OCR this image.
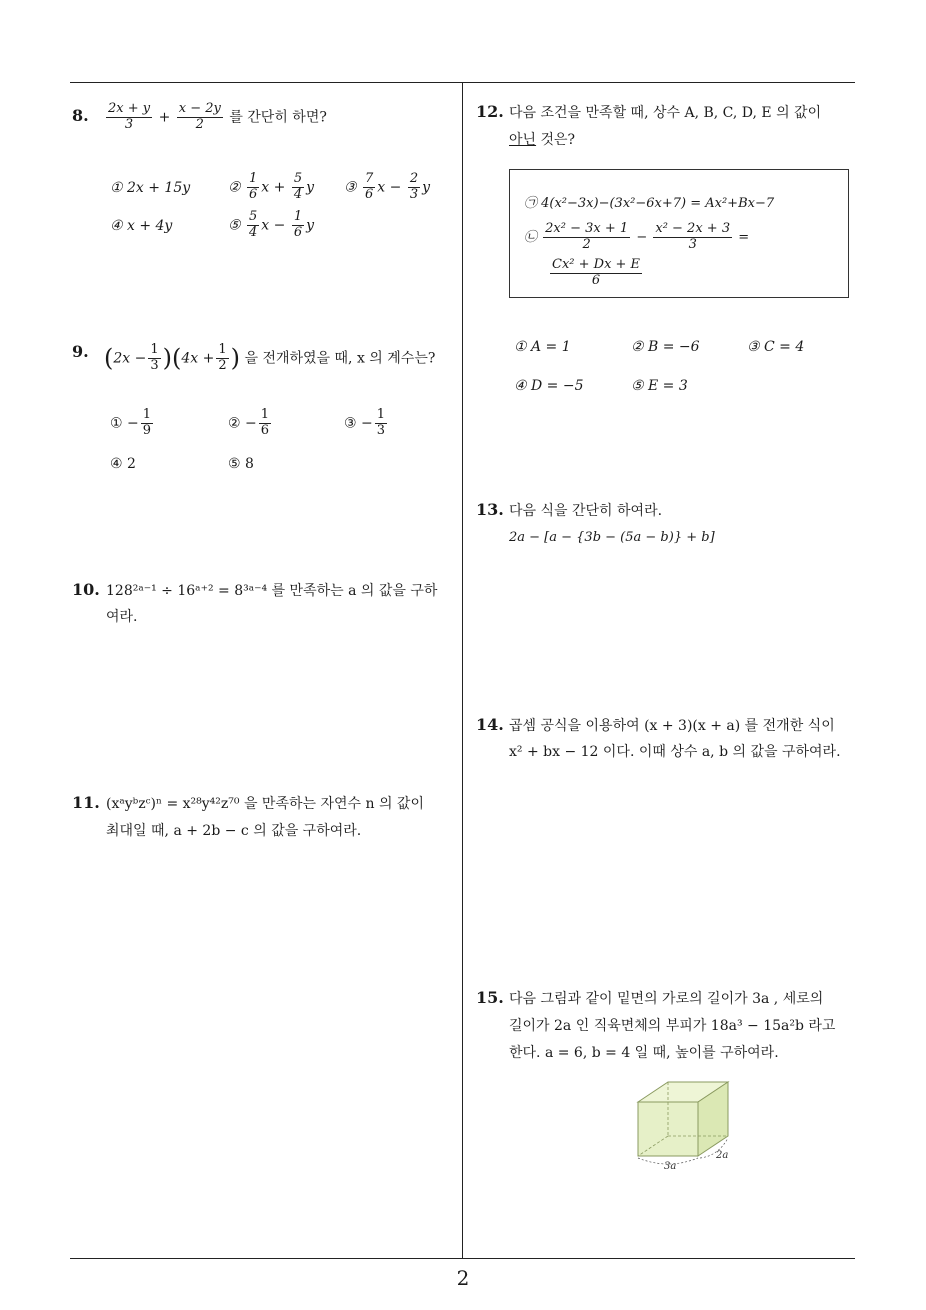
8. $\frac{2x + y}{3} + \frac{x - 2y}{2}$ 를 간단히 하면?
① 2x + 15y	② $\frac{1}{6}$ $x + \frac{5}{4}$ y ③ $\frac{7}{6}$ $x - \frac{2}{3}$ y
④ x + 4y	⑤ $\frac{5}{4}$ $x - \frac{1}{6}$ y
9. $(2x - \frac{1}{3} )(4x + \frac{1}{2}$ ) 을 전개하였을 때, x 의 계수는?
① − $\frac{1}{9}$	② − $\frac{1}{6}$	③ − $\frac{1}{3}$
④ 2	⑤ 8
10. 128²ᵃ⁻¹ ÷ 16ᵃ⁺² = 8³ᵃ⁻⁴ 를 만족하는 a 의 값을 구하
여라.
11. (xᵃyᵇzᶜ)ⁿ = x²⁸y⁴²z⁷⁰ 을 만족하는 자연수 n 의 값이
최대일 때, a + 2b − c 의 값을 구하여라.
12. 다음 조건을 만족할 때, 상수 A, B, C, D, E 의 값이
아닌 것은?
㉠ 4(x²−3x)−(3x²−6x+7) = Ax²+Bx−7
㉡ $\frac{\text{2x² − 3x + 1}}{2} - \frac{\text{x² − 2x + 3}}{3}$ =
$\frac{\text{Cx² + Dx + E}}{6}$
① A = 1	② B = −6	③ C = 4
④ D = −5	⑤ E = 3
13. 다음 식을 간단히 하여라.
2a − [a − {3b − (5a − b)} + b]
14. 곱셈 공식을 이용하여 (x + 3)(x + a) 를 전개한 식이
x² + bx − 12 이다. 이때 상수 a, b 의 값을 구하여라.
15. 다음 그림과 같이 밑면의 가로의 길이가 3a , 세로의
길이가 2a 인 직육면체의 부피가 18a³ − 15a²b 라고
한다. a = 6, b = 4 일 때, 높이를 구하여라.
3a
2a
2
